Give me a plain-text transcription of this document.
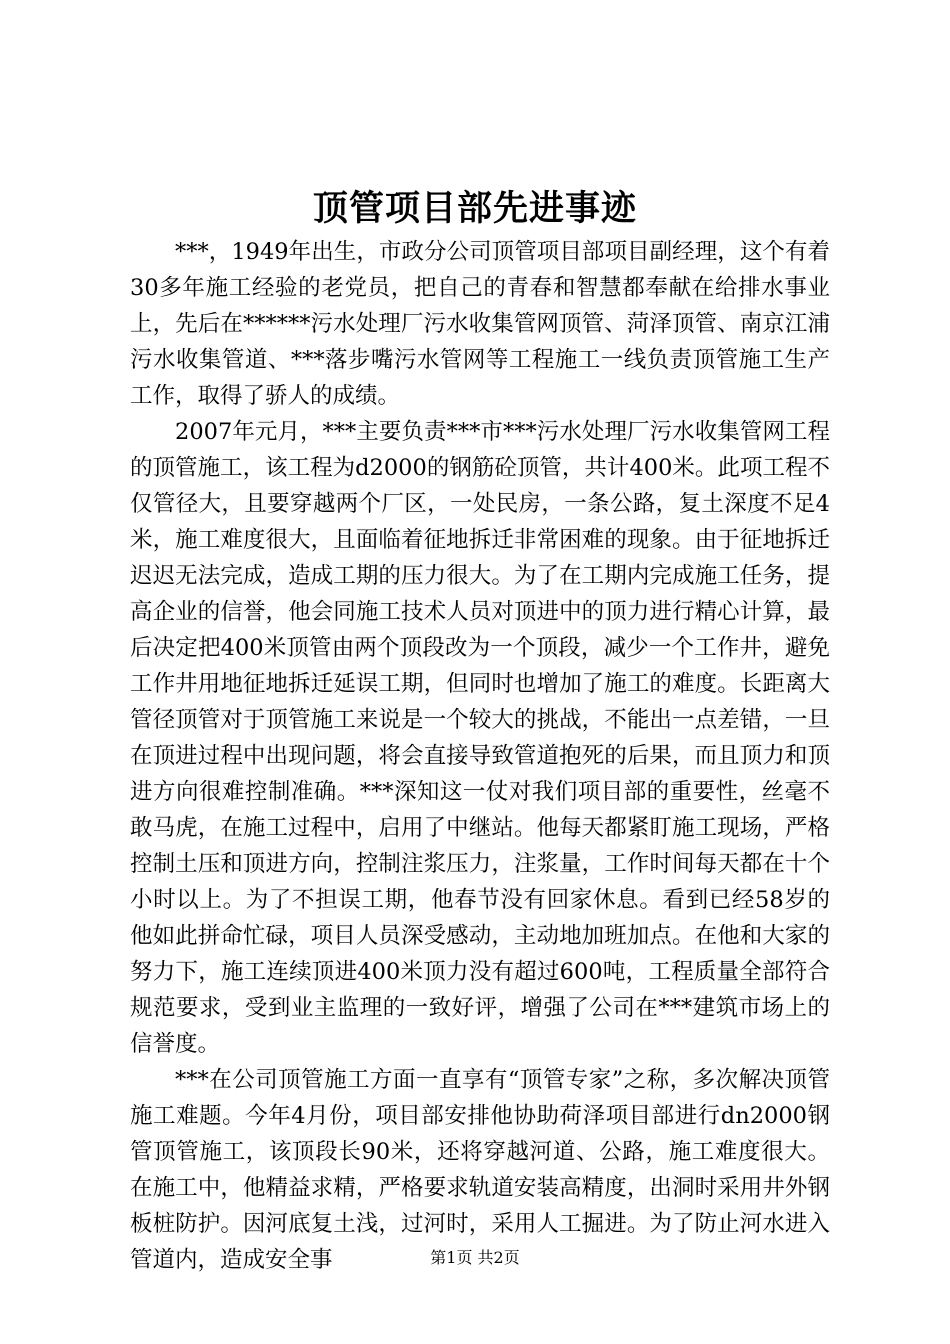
顶管项目部先进事迹

***，1949年出生，市政分公司顶管项目部项目副经理，这个有着30多年施工经验的老党员，把自己的青春和智慧都奉献在给排水事业上，先后在******污水处理厂污水收集管网顶管、菏泽顶管、南京江浦污水收集管道、***落步嘴污水管网等工程施工一线负责顶管施工生产工作，取得了骄人的成绩。

2007年元月，***主要负责***市***污水处理厂污水收集管网工程的顶管施工，该工程为d2000的钢筋砼顶管，共计400米。此项工程不仅管径大，且要穿越两个厂区，一处民房，一条公路，复土深度不足4米，施工难度很大，且面临着征地拆迁非常困难的现象。由于征地拆迁迟迟无法完成，造成工期的压力很大。为了在工期内完成施工任务，提高企业的信誉，他会同施工技术人员对顶进中的顶力进行精心计算，最后决定把400米顶管由两个顶段改为一个顶段，减少一个工作井，避免工作井用地征地拆迁延误工期，但同时也增加了施工的难度。长距离大管径顶管对于顶管施工来说是一个较大的挑战，不能出一点差错，一旦在顶进过程中出现问题，将会直接导致管道抱死的后果，而且顶力和顶进方向很难控制准确。***深知这一仗对我们项目部的重要性，丝毫不敢马虎，在施工过程中，启用了中继站。他每天都紧盯施工现场，严格控制土压和顶进方向，控制注浆压力，注浆量，工作时间每天都在十个小时以上。为了不担误工期，他春节没有回家休息。看到已经58岁的他如此拼命忙碌，项目人员深受感动，主动地加班加点。在他和大家的努力下，施工连续顶进400米顶力没有超过600吨，工程质量全部符合规范要求，受到业主监理的一致好评，增强了公司在***建筑市场上的信誉度。

***在公司顶管施工方面一直享有“顶管专家”之称，多次解决顶管施工难题。今年4月份，项目部安排他协助荷泽项目部进行dn2000钢管顶管施工，该顶段长90米，还将穿越河道、公路，施工难度很大。在施工中，他精益求精，严格要求轨道安装高精度，出洞时采用井外钢板桩防护。因河底复土浅，过河时，采用人工掘进。为了防止河水进入管道内，造成安全事	第1页 共2页
